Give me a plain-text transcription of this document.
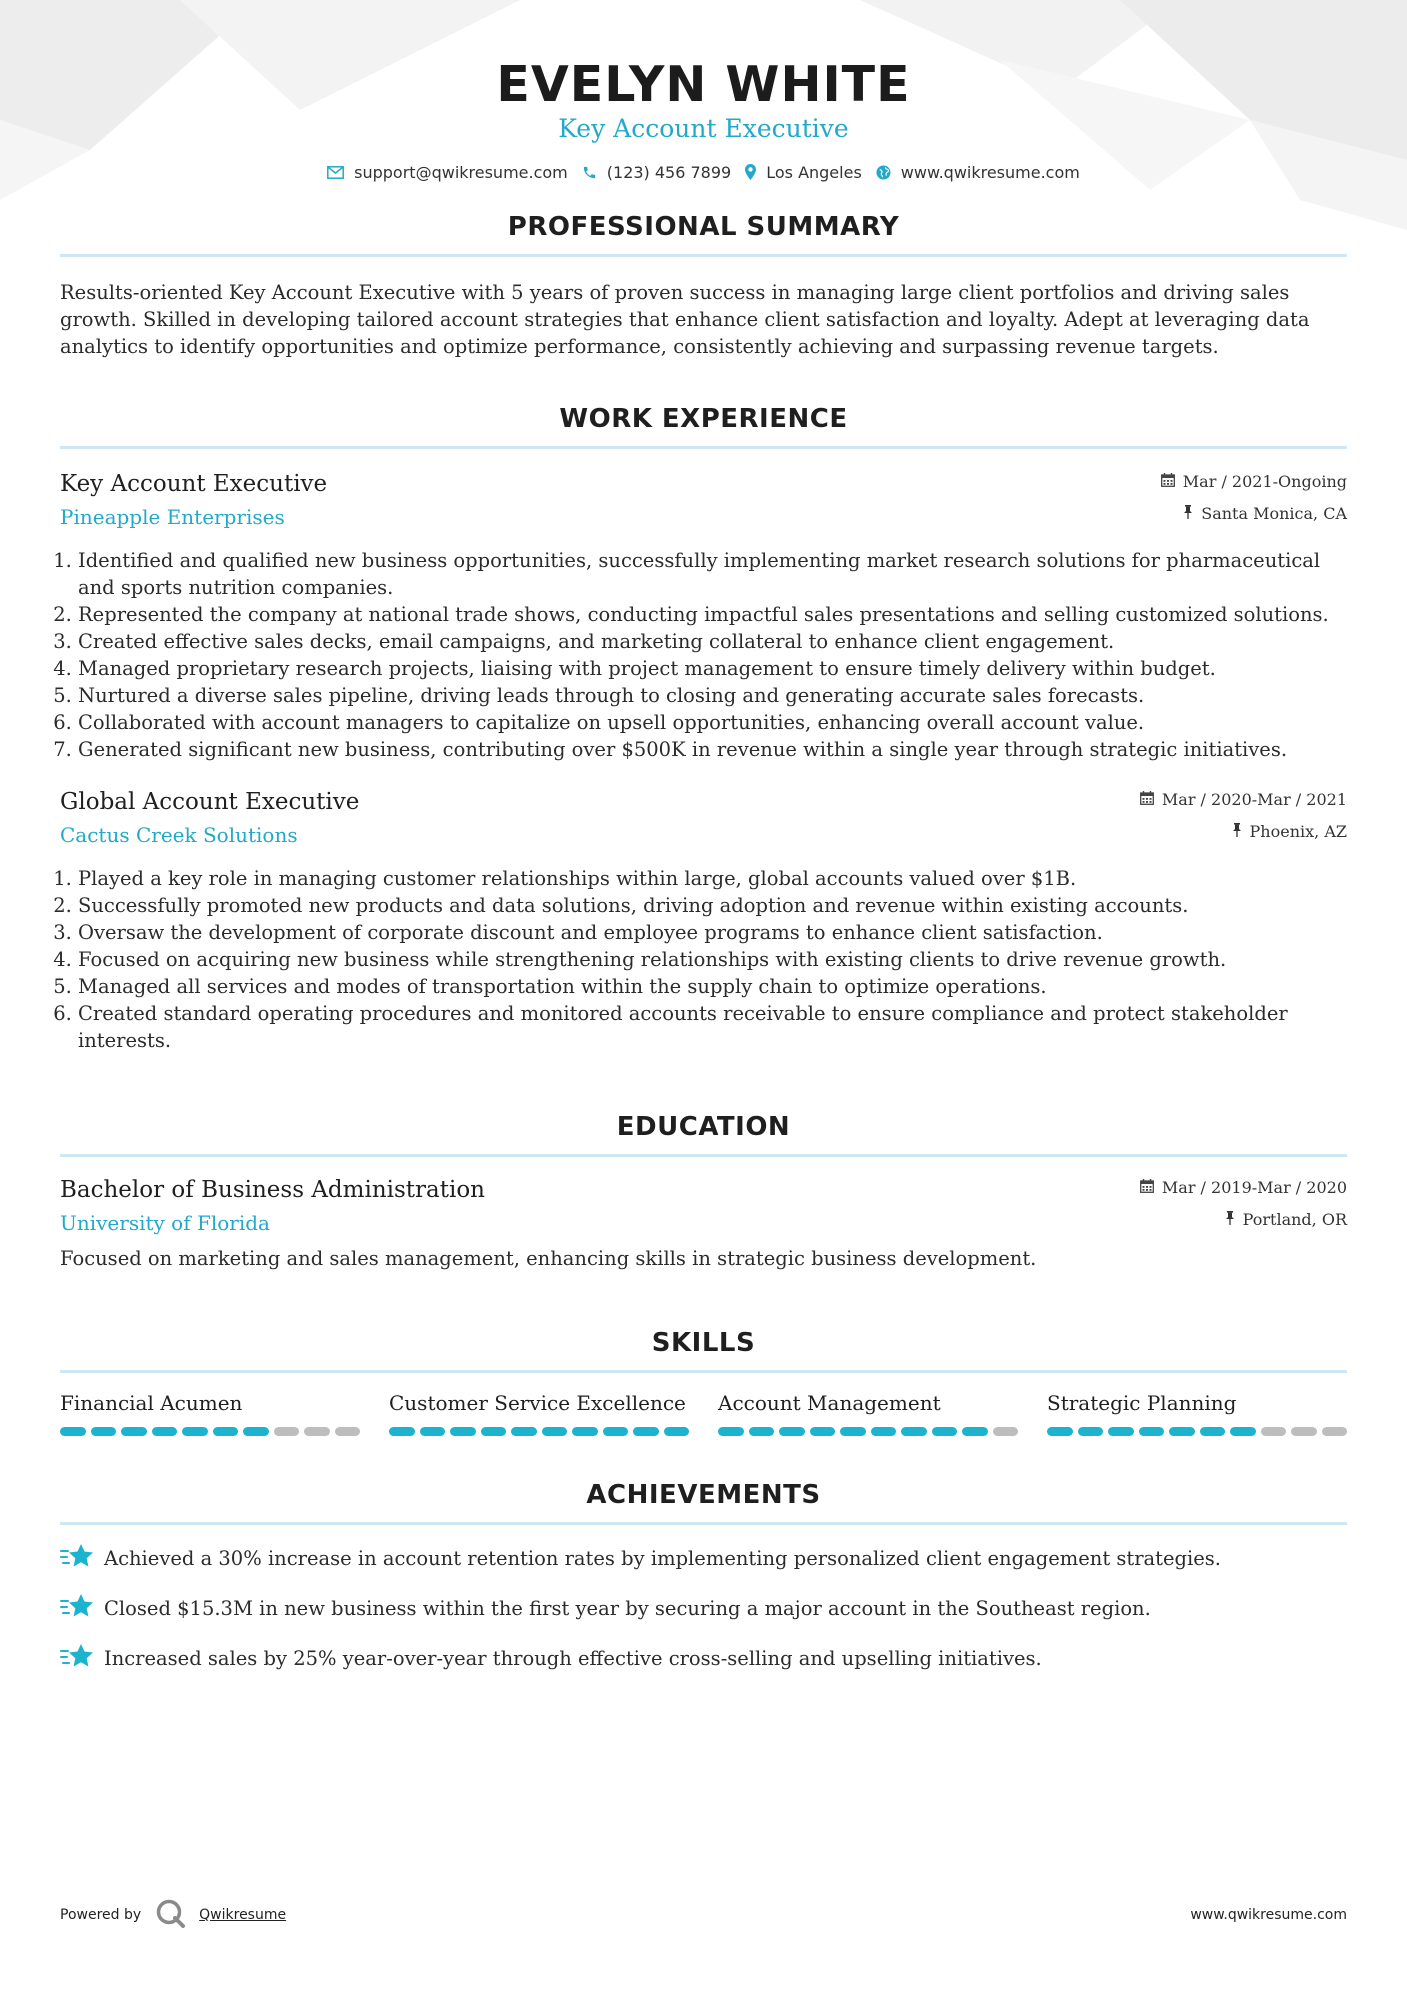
EVELYN WHITE
Key Account Executive
support@qwikresume.com (123) 456 7899 Los Angeles www.qwikresume.com
PROFESSIONAL SUMMARY

Results-oriented Key Account Executive with 5 years of proven success in managing large client portfolios and driving sales growth. Skilled in developing tailored account strategies that enhance client satisfaction and loyalty. Adept at leveraging data analytics to identify opportunities and optimize performance, consistently achieving and surpassing revenue targets.

WORK EXPERIENCE
Key Account Executive
Pineapple Enterprises
Mar / 2021-Ongoing
Santa Monica, CA
1. Identified and qualified new business opportunities, successfully implementing market research solutions for pharmaceutical and sports nutrition companies.
2. Represented the company at national trade shows, conducting impactful sales presentations and selling customized solutions.
3. Created effective sales decks, email campaigns, and marketing collateral to enhance client engagement.
4. Managed proprietary research projects, liaising with project management to ensure timely delivery within budget.
5. Nurtured a diverse sales pipeline, driving leads through to closing and generating accurate sales forecasts.
6. Collaborated with account managers to capitalize on upsell opportunities, enhancing overall account value.
7. Generated significant new business, contributing over $500K in revenue within a single year through strategic initiatives.
Global Account Executive
Cactus Creek Solutions
Mar / 2020-Mar / 2021
Phoenix, AZ
1. Played a key role in managing customer relationships within large, global accounts valued over $1B.
2. Successfully promoted new products and data solutions, driving adoption and revenue within existing accounts.
3. Oversaw the development of corporate discount and employee programs to enhance client satisfaction.
4. Focused on acquiring new business while strengthening relationships with existing clients to drive revenue growth.
5. Managed all services and modes of transportation within the supply chain to optimize operations.
6. Created standard operating procedures and monitored accounts receivable to ensure compliance and protect stakeholder interests.
EDUCATION
Bachelor of Business Administration
University of Florida
Mar / 2019-Mar / 2020
Portland, OR

Focused on marketing and sales management, enhancing skills in strategic business development.

SKILLS
Financial Acumen	Customer Service Excellence Account Management	Strategic Planning
ACHIEVEMENTS
Achieved a 30% increase in account retention rates by implementing personalized client engagement strategies.
Closed $15.3M in new business within the first year by securing a major account in the Southeast region.
Increased sales by 25% year-over-year through effective cross-selling and upselling initiatives.
Powered by	Qwikresume	www.qwikresume.com
